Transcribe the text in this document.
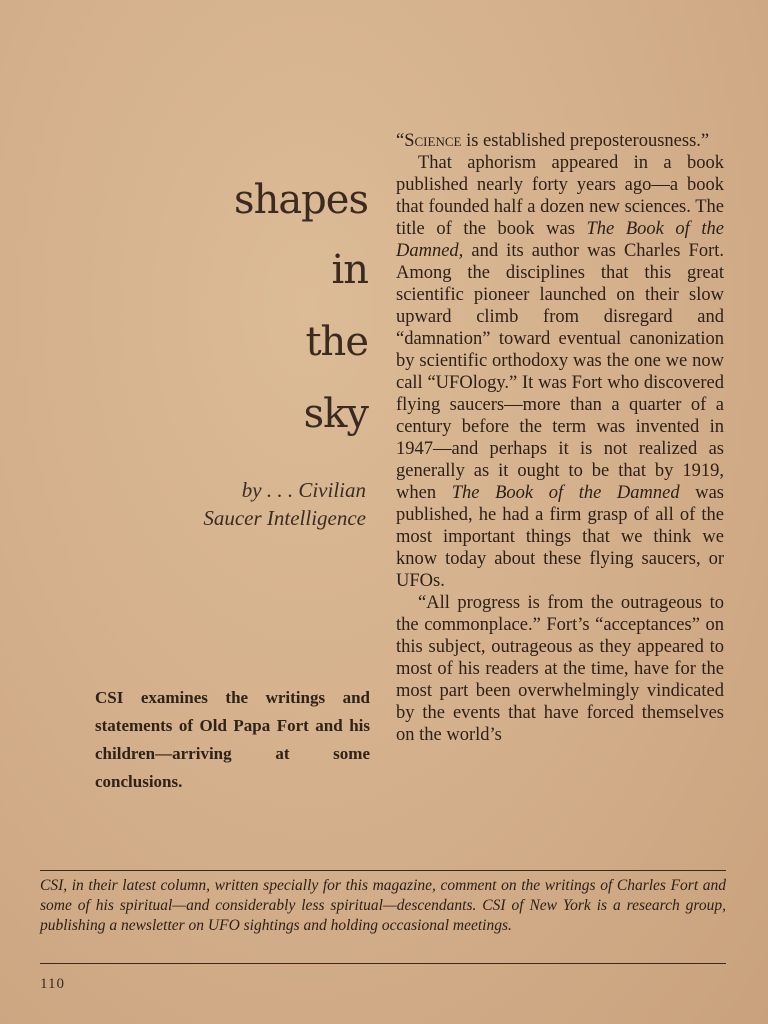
shapes
in
the
sky
by . . . Civilian
Saucer Intelligence

CSI examines the writings and statements of Old Papa Fort and his children—arriving at some conclusions.

“Science is established preposterousness.”

That aphorism appeared in a book published nearly forty years ago—a book that founded half a dozen new sciences. The title of the book was The Book of the Damned, and its author was Charles Fort. Among the disciplines that this great scientific pioneer launched on their slow upward climb from disregard and “damnation” toward eventual canonization by scientific orthodoxy was the one we now call “UFOlogy.” It was Fort who discovered flying saucers—more than a quarter of a century before the term was invented in 1947—and perhaps it is not realized as generally as it ought to be that by 1919, when The Book of the Damned was published, he had a firm grasp of all of the most important things that we think we know today about these flying saucers, or UFOs.

“All progress is from the outrageous to the commonplace.” Fort’s “acceptances” on this subject, outrageous as they appeared to most of his readers at the time, have for the most part been overwhelmingly vindicated by the events that have forced themselves on the world’s

CSI, in their latest column, written specially for this magazine, comment on the writings of Charles Fort and some of his spiritual—and considerably less spiritual—descendants. CSI of New York is a research group, publishing a newsletter on UFO sightings and holding occasional meetings.

110
